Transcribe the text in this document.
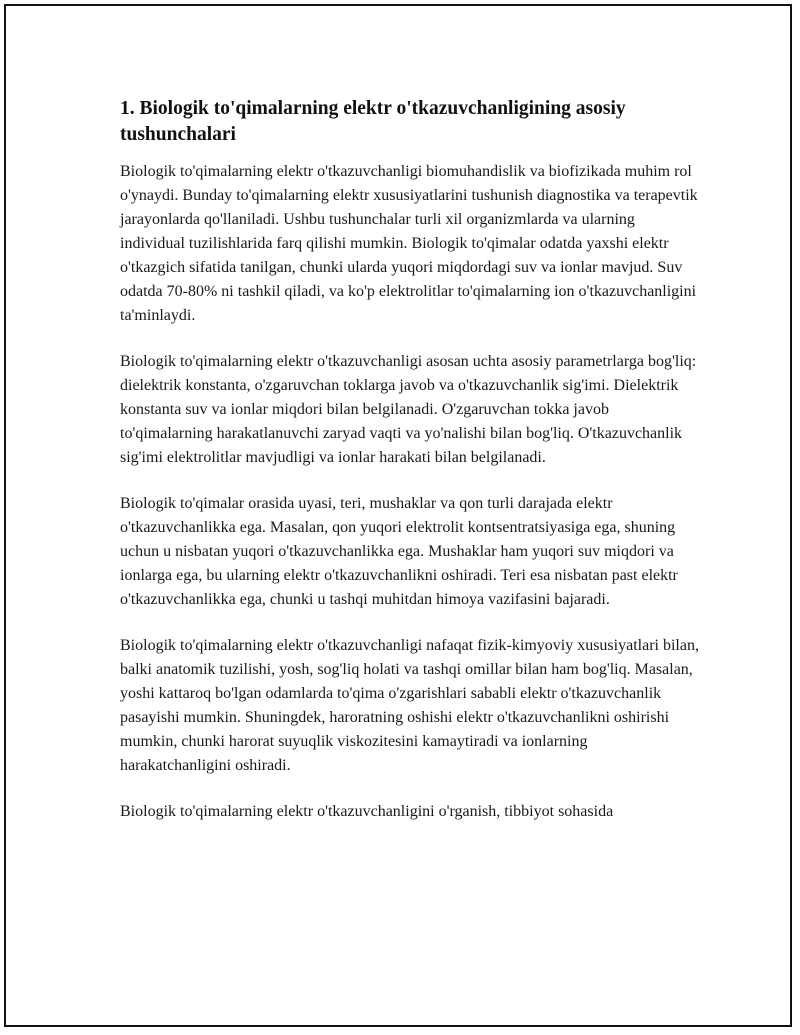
1. Biologik to'qimalarning elektr o'tkazuvchanligining asosiy tushunchalari

Biologik to'qimalarning elektr o'tkazuvchanligi biomuhandislik va biofizikada muhim rol o'ynaydi. Bunday to'qimalarning elektr xususiyatlarini tushunish diagnostika va terapevtik jarayonlarda qo'llaniladi. Ushbu tushunchalar turli xil organizmlarda va ularning individual tuzilishlarida farq qilishi mumkin. Biologik to'qimalar odatda yaxshi elektr o'tkazgich sifatida tanilgan, chunki ularda yuqori miqdordagi suv va ionlar mavjud. Suv odatda 70-80% ni tashkil qiladi, va ko'p elektrolitlar to'qimalarning ion o'tkazuvchanligini ta'minlaydi.

Biologik to'qimalarning elektr o'tkazuvchanligi asosan uchta asosiy parametrlarga bog'liq: dielektrik konstanta, o'zgaruvchan toklarga javob va o'tkazuvchanlik sig'imi. Dielektrik konstanta suv va ionlar miqdori bilan belgilanadi. O'zgaruvchan tokka javob to'qimalarning harakatlanuvchi zaryad vaqti va yo'nalishi bilan bog'liq. O'tkazuvchanlik sig'imi elektrolitlar mavjudligi va ionlar harakati bilan belgilanadi.

Biologik to'qimalar orasida uyasi, teri, mushaklar va qon turli darajada elektr o'tkazuvchanlikka ega. Masalan, qon yuqori elektrolit kontsentratsiyasiga ega, shuning uchun u nisbatan yuqori o'tkazuvchanlikka ega. Mushaklar ham yuqori suv miqdori va ionlarga ega, bu ularning elektr o'tkazuvchanlikni oshiradi. Teri esa nisbatan past elektr o'tkazuvchanlikka ega, chunki u tashqi muhitdan himoya vazifasini bajaradi.

Biologik to'qimalarning elektr o'tkazuvchanligi nafaqat fizik-kimyoviy xususiyatlari bilan, balki anatomik tuzilishi, yosh, sog'liq holati va tashqi omillar bilan ham bog'liq. Masalan, yoshi kattaroq bo'lgan odamlarda to'qima o'zgarishlari sababli elektr o'tkazuvchanlik pasayishi mumkin. Shuningdek, haroratning oshishi elektr o'tkazuvchanlikni oshirishi mumkin, chunki harorat suyuqlik viskozitesini kamaytiradi va ionlarning harakatchanligini oshiradi.

Biologik to'qimalarning elektr o'tkazuvchanligini o'rganish, tibbiyot sohasida
